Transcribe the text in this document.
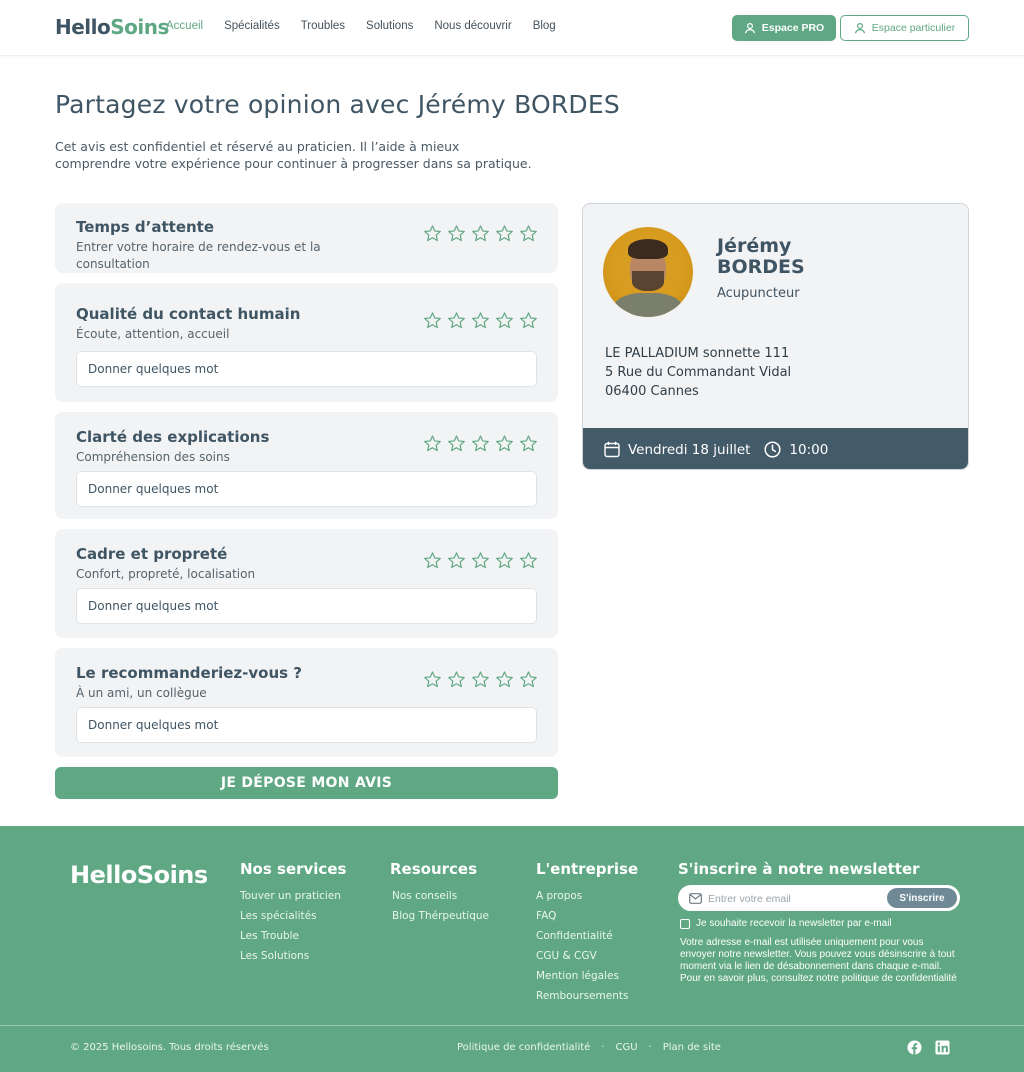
HelloSoins
Accueil Spécialités Troubles Solutions Nous découvrir Blog	Espace PRO	Espace particulier
Partagez votre opinion avec Jérémy BORDES

Cet avis est confidentiel et réservé au praticien. Il l’aide à mieux comprendre votre expérience pour continuer à progresser dans sa pratique.

Temps d’attente
Entrer votre horaire de rendez-vous et la consultation
Qualité du contact humain
Écoute, attention, accueil
Donner quelques mot
Clarté des explications
Compréhension des soins
Donner quelques mot
Cadre et propreté
Confort, propreté, localisation
Donner quelques mot
Le recommanderiez-vous ?
À un ami, un collègue
Donner quelques mot
JE DÉPOSE MON AVIS
Jérémy
BORDES
Acupuncteur
LE PALLADIUM sonnette 111
5 Rue du Commandant Vidal
06400 Cannes
Vendredi 18 juillet	10:00
HelloSoins Nos services
Touver un praticien
Les spécialités
Les Trouble
Les Solutions
Resources
Nos conseils
Blog Thérpeutique
L'entreprise
A propos
FAQ
Confidentialité
CGU & CGV
Mention légales
Remboursements
S'inscrire à notre newsletter
Entrer votre email
S'inscrire
Je souhaite recevoir la newsletter par e-mail
Votre adresse e-mail est utilisée uniquement pour vous envoyer notre newsletter. Vous pouvez vous désinscrire à tout moment via le lien de désabonnement dans chaque e-mail. Pour en savoir plus, consultez notre politique de confidentialité
© 2025 Hellosoins. Tous droits réservés	Politique de confidentialité · CGU · Plan de site
